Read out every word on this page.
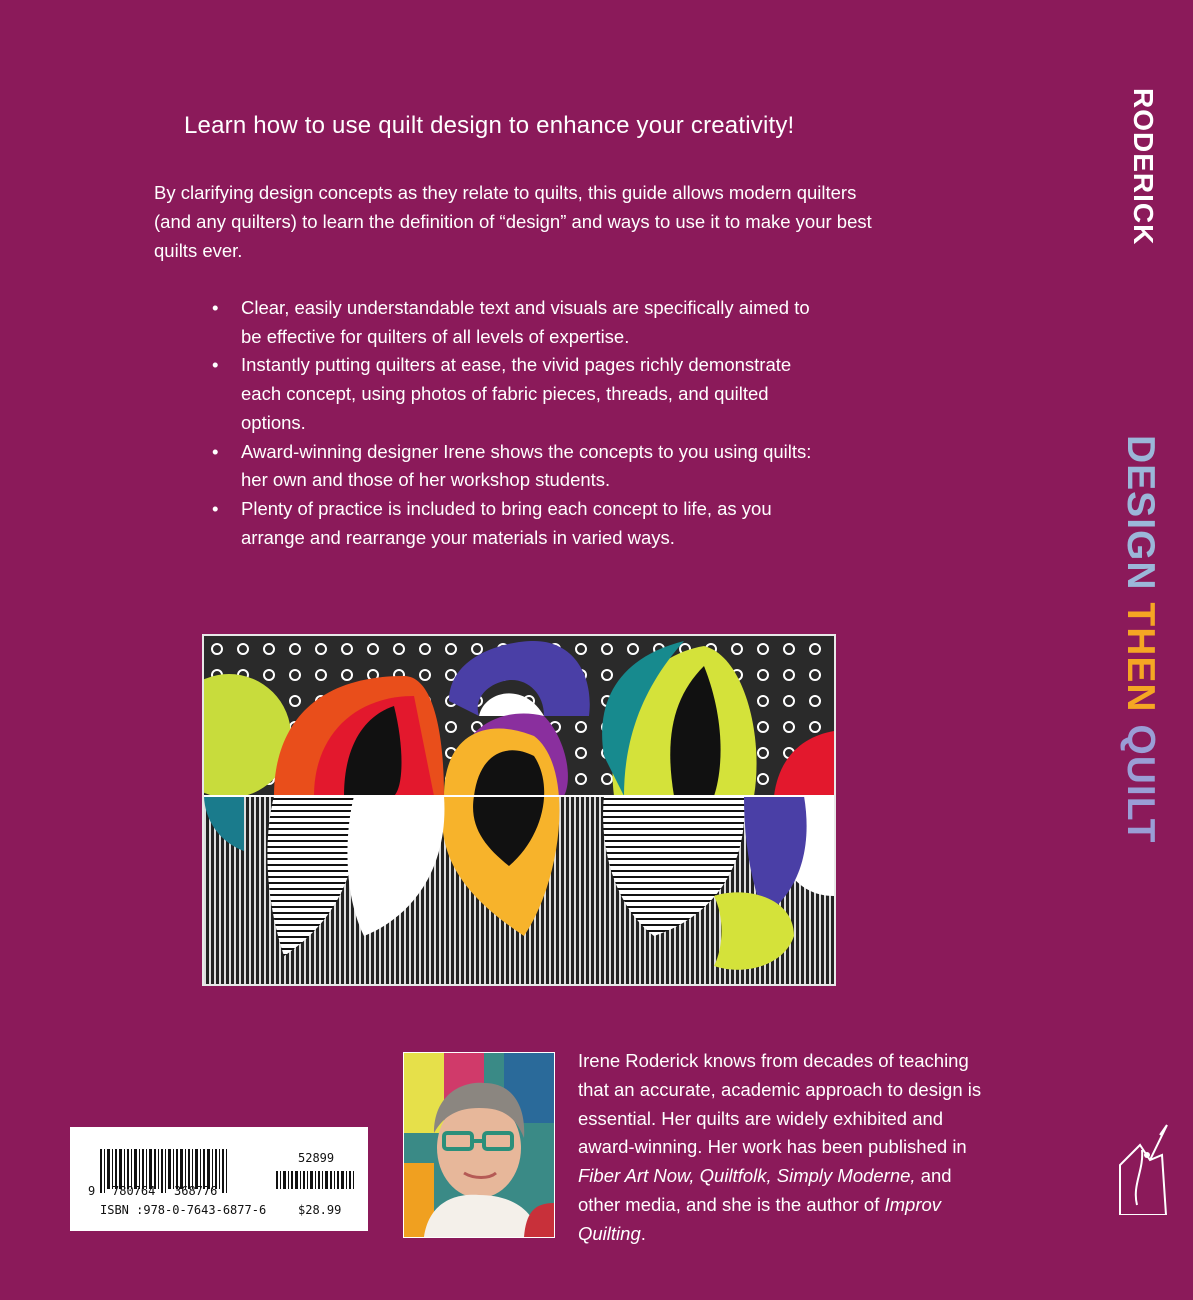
Learn how to use quilt design to enhance your creativity!
By clarifying design concepts as they relate to quilts, this guide allows modern quilters (and any quilters) to learn the definition of “design” and ways to use it to make your best quilts ever.
• Clear, easily understandable text and visuals are specifically aimed to be effective for quilters of all levels of expertise.
• Instantly putting quilters at ease, the vivid pages richly demonstrate each concept, using photos of fabric pieces, threads, and quilted options.
• Award-winning designer Irene shows the concepts to you using quilts: her own and those of her workshop students.
• Plenty of practice is included to bring each concept to life, as you arrange and rearrange your materials in varied ways.
RODERICK
DESIGN THEN QUILT
52899
9 780764 368776
ISBN :978-0-7643-6877-6	$28.99
Irene Roderick knows from decades of teaching that an accurate, academic approach to design is essential. Her quilts are widely exhibited and award-winning. Her work has been published in Fiber Art Now, Quiltfolk, Simply Moderne, and other media, and she is the author of Improv Quilting.
